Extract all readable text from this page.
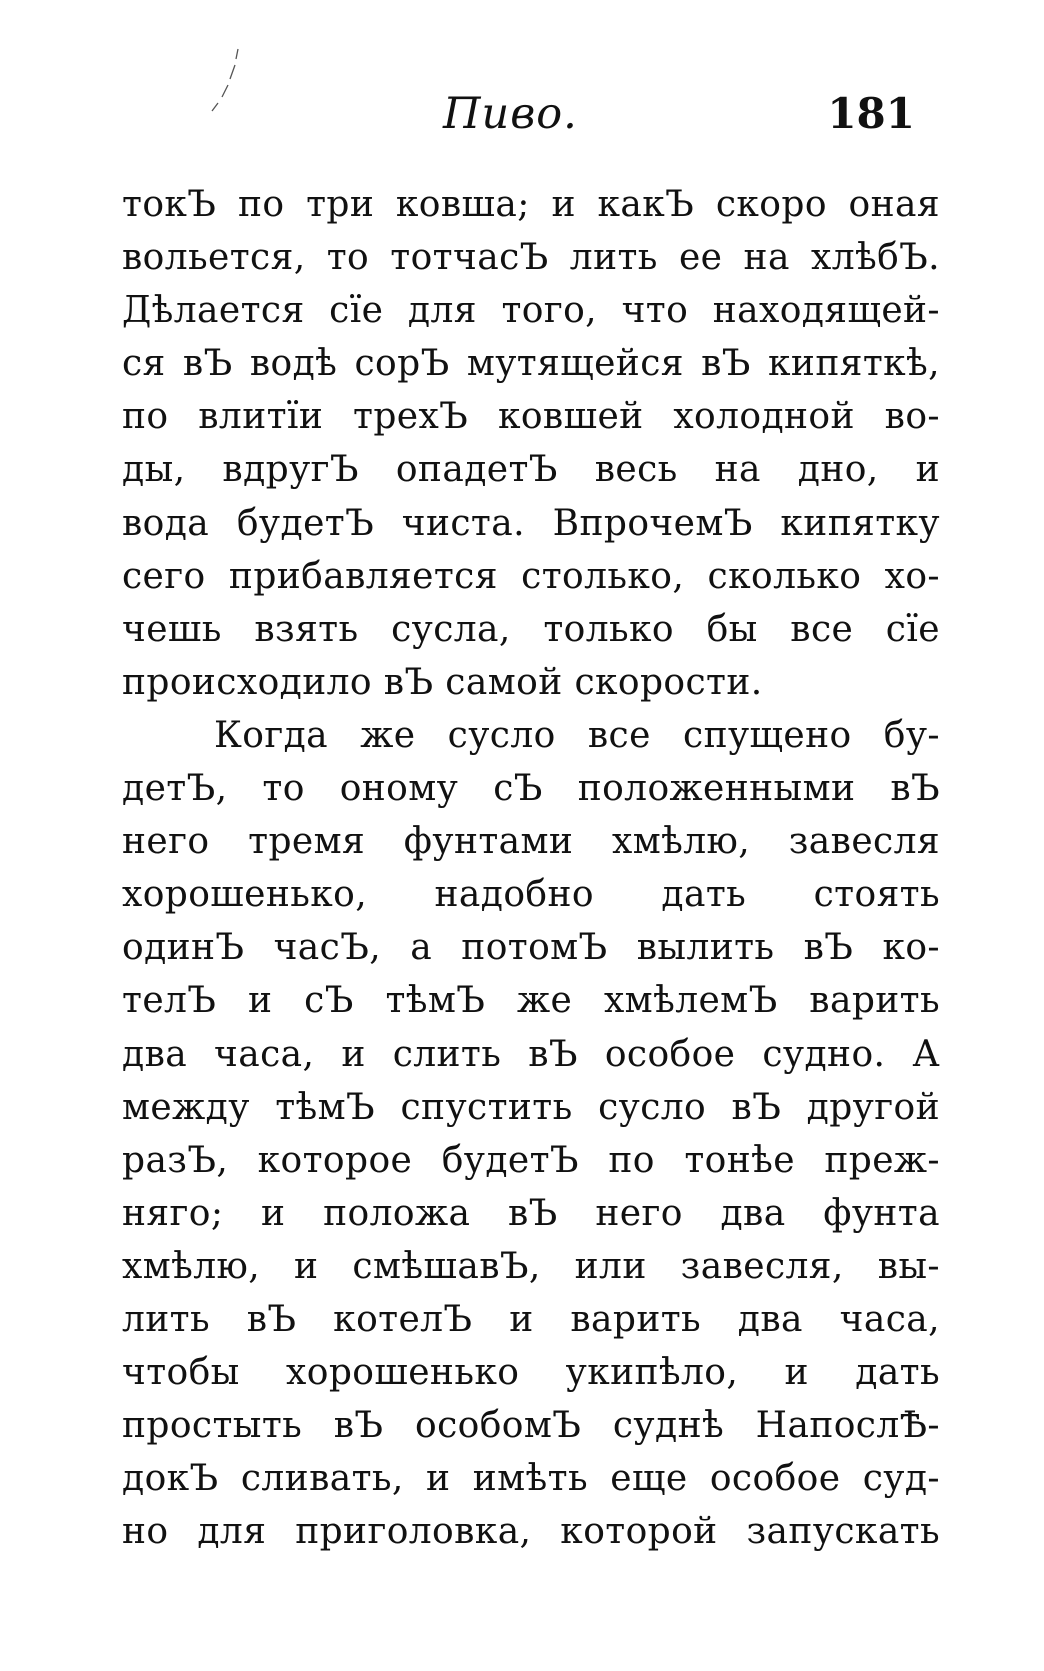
Пиво.	181
токЪ по три ковша; и какЪ скоро оная
вольется, то тотчасЪ лить ее на хлѣбЪ.
Дѣлается сїе для того, что находящей-
ся вЪ водѣ сорЪ мутящейся вЪ кипяткѣ,
по влитїи трехЪ ковшей холодной во-
ды, вдругЪ опадетЪ весь на дно, и
вода будетЪ чиста. ВпрочемЪ кипятку
сего прибавляется столько, сколько хо-
чешь взять сусла, только бы все сїе
происходило вЪ самой скорости.
Когда же сусло все спущено бу-
детЪ, то оному сЪ положенными вЪ
него тремя фунтами хмѣлю, завесля
хорошенько, надобно дать стоять
одинЪ часЪ, а потомЪ вылить вЪ ко-
телЪ и сЪ тѣмЪ же хмѣлемЪ варить
два часа, и слить вЪ особое судно. А
между тѣмЪ спустить сусло вЪ другой
разЪ, которое будетЪ по тонѣе преж-
няго; и положа вЪ него два фунта
хмѣлю, и смѣшавЪ, или завесля, вы-
лить вЪ котелЪ и варить два часа,
чтобы хорошенько укипѣло, и дать
простыть вЪ особомЪ суднѣ НапослѢ-
докЪ сливать, и имѣть еще особое суд-
но для приголовка, которой запускать
